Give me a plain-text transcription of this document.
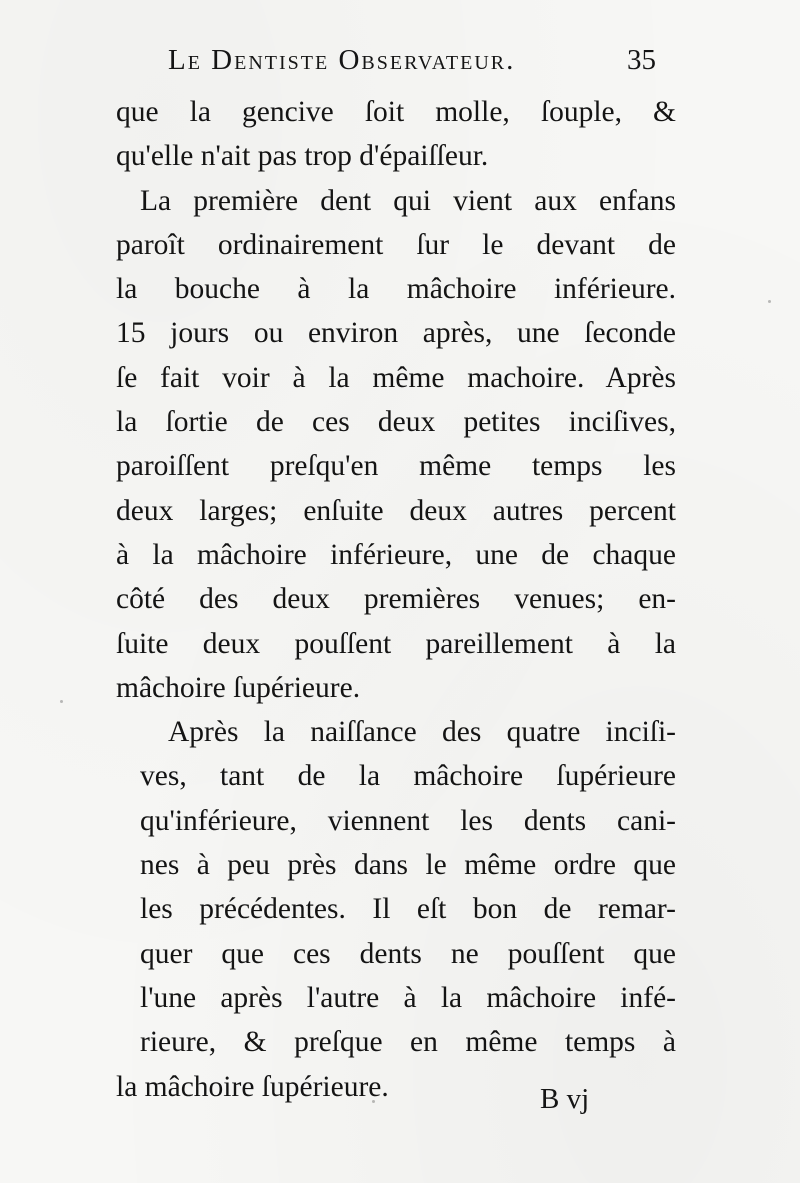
Le Dentiste Observateur.	35
que la gencive ſoit molle, ſouple, &
qu'elle n'ait pas trop d'épaiſſeur.
La première dent qui vient aux enfans
paroît ordinairement ſur le devant de
la bouche à la mâchoire inférieure.
15 jours ou environ après, une ſeconde
ſe fait voir à la même machoire. Après
la ſortie de ces deux petites inciſives,
paroiſſent preſqu'en même temps les
deux larges; enſuite deux autres percent
à la mâchoire inférieure, une de chaque
côté des deux premières venues; en-
ſuite deux pouſſent pareillement à la
mâchoire ſupérieure.
Après la naiſſance des quatre inciſi-
ves, tant de la mâchoire ſupérieure
qu'inférieure, viennent les dents cani-
nes à peu près dans le même ordre que
les précédentes. Il eſt bon de remar-
quer que ces dents ne pouſſent que
l'une après l'autre à la mâchoire infé-
rieure, & preſque en même temps à
la mâchoire ſupérieure.	B vj
